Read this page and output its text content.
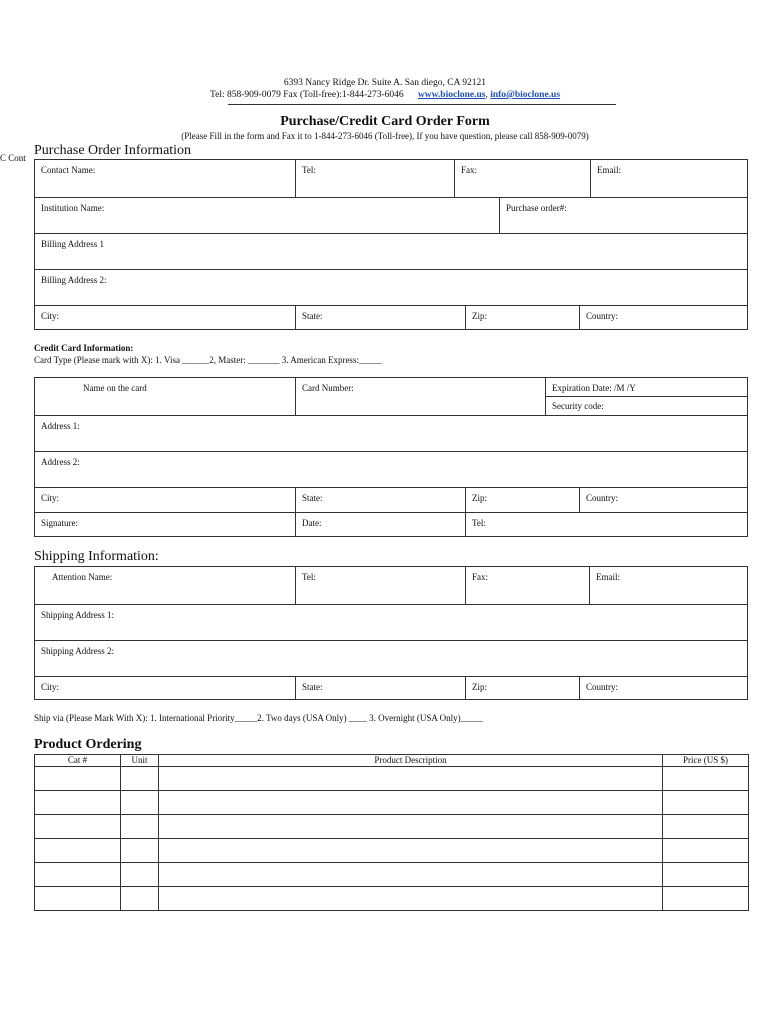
6393 Nancy Ridge Dr. Suite A. San diego, CA 92121
Tel: 858-909-0079 Fax (Toll-free):1-844-273-6046 www.bioclone.us, info@bioclone.us
Purchase/Credit Card Order Form
(Please Fill in the form and Fax it to 1-844-273-6046 (Toll-free), If you have question, please call 858-909-0079)
C Cont Purchase Order Information
Contact Name:	Tel:	Fax:	Email:
Institution Name:	Purchase order#:
Billing Address 1
Billing Address 2:
City:	State:	Zip:	Country:
Credit Card Information:
Card Type (Please mark with X): 1. Visa ______2, Master: _______ 3. American Express:_____
Name on the card	Card Number:	Expiration Date: /M /Y
Security code:
Address 1:
Address 2:
City:	State:	Zip:	Country:
Signature:	Date:	Tel:
Shipping Information:
Attention Name:	Tel:	Fax:	Email:
Shipping Address 1:
Shipping Address 2:
City:	State:	Zip:	Country:
Ship via (Please Mark With X): 1. International Priority_____2. Two days (USA Only) ____ 3. Overnight (USA Only)_____
Product Ordering
Cat #	Unit	Product Description	Price (US $)
